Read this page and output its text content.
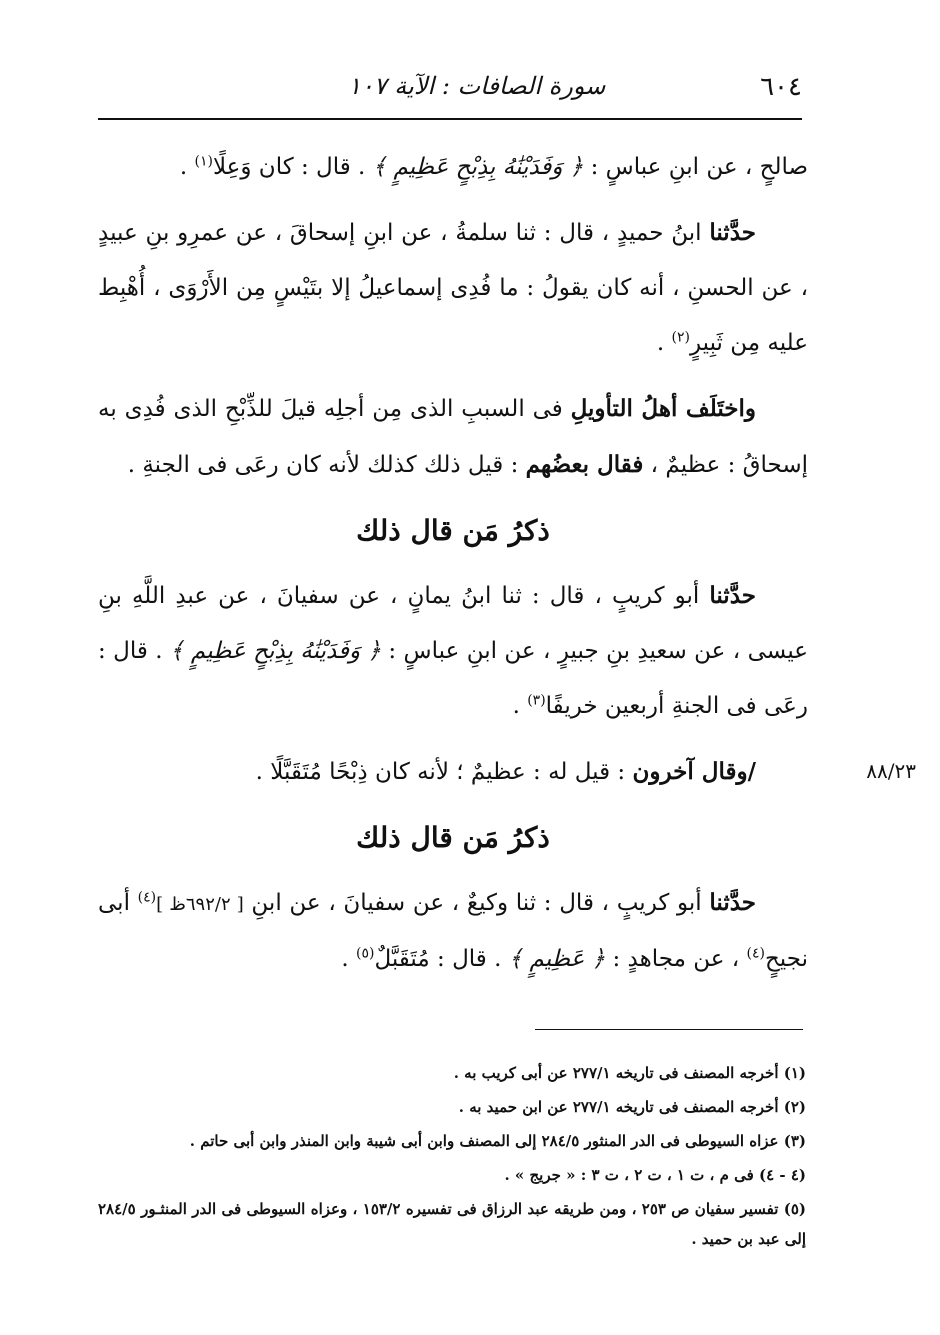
٦٠٤
سورة الصافات : الآية ١٠٧

صالحٍ ، عن ابنِ عباسٍ : ﴿ وَفَدَيْنَٰهُ بِذِبْحٍ عَظِيمٍ ﴾ . قال : كان وَعِلًا$^{(١)}$ .

حدَّثنا ابنُ حميدٍ ، قال : ثنا سلمةُ ، عن ابنِ إسحاقَ ، عن عمرِو بنِ عبيدٍ ، عن الحسنِ ، أنه كان يقولُ : ما فُدِى إسماعيلُ إلا بتَيْسٍ مِن الأَرْوَى ، أُهْبِط عليه مِن ثَبِيرٍ$^{(٢)}$ .

واختَلَف أهلُ التأويلِ فى السببِ الذى مِن أجلِه قيلَ للذِّبْحِ الذى فُدِى به إسحاقُ : عظيمٌ ، فقال بعضُهم : قيل ذلك كذلك لأنه كان رعَى فى الجنةِ .

ذكرُ مَن قال ذلك

حدَّثنا أبو كريبٍ ، قال : ثنا ابنُ يمانٍ ، عن سفيانَ ، عن عبدِ اللَّهِ بنِ عيسى ، عن سعيدِ بنِ جبيرٍ ، عن ابنِ عباسٍ : ﴿ وَفَدَيْنَٰهُ بِذِبْحٍ عَظِيمٍ ﴾ . قال : رعَى فى الجنةِ أربعين خريفًا$^{(٣)}$ .

٨٨/٢٣

/وقال آخرون : قيل له : عظيمٌ ؛ لأنه كان ذِبْحًا مُتَقَبَّلًا .

ذكرُ مَن قال ذلك

حدَّثنا أبو كريبٍ ، قال : ثنا وكيعٌ ، عن سفيانَ ، عن ابنِ [ ٦٩٢/٢ظ ]$^{(٤)}$ أبى نجيحٍ$^{(٤)}$ ، عن مجاهدٍ : ﴿ عَظِيمٍ ﴾ . قال : مُتَقَبَّلٌ$^{(٥)}$ .

(١) أخرجه المصنف فى تاريخه ٢٧٧/١ عن أبى كريب به .

(٢) أخرجه المصنف فى تاريخه ٢٧٧/١ عن ابن حميد به .

(٣) عزاه السيوطى فى الدر المنثور ٢٨٤/٥ إلى المصنف وابن أبى شيبة وابن المنذر وابن أبى حاتم .

(٤ - ٤) فى م ، ت ١ ، ت ٢ ، ت ٣ : « جريج » .

(٥) تفسير سفيان ص ٢٥٣ ، ومن طريقه عبد الرزاق فى تفسيره ١٥٣/٢ ، وعزاه السيوطى فى الدر المنثـور ٢٨٤/٥ إلى عبد بن حميد .
